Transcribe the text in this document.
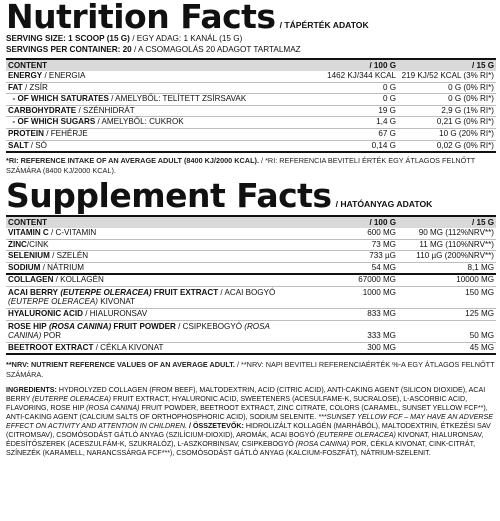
Nutrition Facts / TÁPÉRTÉK ADATOK
SERVING SIZE: 1 SCOOP (15 G) / EGY ADAG: 1 KANÁL (15 G)
SERVINGS PER CONTAINER: 20 / A CSOMAGOLÁS 20 ADAGOT TARTALMAZ
CONTENT	/ 100 G	/ 15 G
ENERGY / ENERGIA	1462 KJ/344 KCAL	219 KJ/52 KCAL (3% RI*)
FAT / ZSÍR	0 G	0 G (0% RI*)
- OF WHICH SATURATES / AMELYBŐL: TELÍTETT ZSÍRSAVAK	0 G	0 G (0% RI*)
CARBOHYDRATE / SZÉNHIDRÁT	19 G	2,9 G (1% RI*)
- OF WHICH SUGARS / AMELYBŐL: CUKROK	1,4 G	0,21 G (0% RI*)
PROTEIN / FEHÉRJE	67 G	10 G (20% RI*)
SALT / SÓ	0,14 G	0,02 G (0% RI*)
*RI: REFERENCE INTAKE OF AN AVERAGE ADULT (8400 KJ/2000 KCAL). / *RI: REFERENCIA BEVITELI ÉRTÉK EGY ÁTLAGOS FELNŐTT SZÁMÁRA (8400 KJ/2000 KCAL).
Supplement Facts / HATÓANYAG ADATOK
CONTENT	/ 100 G	/ 15 G
VITAMIN C / C-VITAMIN	600 MG	90 MG (112%NRV**)
ZINC/CINK	73 MG	11 MG (110%NRV**)
SELENIUM / SZELÉN	733 µG	110 µG (200%NRV**)
SODIUM / NÁTRIUM	54 MG	8,1 MG
COLLAGEN / KOLLAGÉN	67000 MG	10000 MG
ACAI BERRY (EUTERPE OLERACEA) FRUIT EXTRACT / ACAI BOGYÓ (EUTERPE OLERACEA) KIVONAT	1000 MG	150 MG
HYALURONIC ACID / HIALURONSAV	833 MG	125 MG
ROSE HIP (ROSA CANINA) FRUIT POWDER / CSIPKEBOGYÓ (ROSA CANINA) POR	333 MG	50 MG
BEETROOT EXTRACT / CÉKLA KIVONAT	300 MG	45 MG
**NRV: NUTRIENT REFERENCE VALUES OF AN AVERAGE ADULT. / **NRV: NAPI BEVITELI REFERENCIAÉRTÉK %-A EGY ÁTLAGOS FELNŐTT SZÁMÁRA.
INGREDIENTS: HYDROLYZED COLLAGEN (FROM BEEF), MALTODEXTRIN, ACID (CITRIC ACID), ANTI-CAKING AGENT (SILICON DIOXIDE), ACAI BERRY (EUTERPE OLERACEA) FRUIT EXTRACT, HYALURONIC ACID, SWEETENERS (ACESULFAME-K, SUCRALOSE), L-ASCORBIC ACID, FLAVORING, ROSE HIP (ROSA CANINA) FRUIT POWDER, BEETROOT EXTRACT, ZINC CITRATE, COLORS (CARAMEL, SUNSET YELLOW FCF**), ANTI-CAKING AGENT (CALCIUM SALTS OF ORTHOPHOSPHORIC ACID), SODIUM SELENITE. ***SUNSET YELLOW FCF – MAY HAVE AN ADVERSE EFFECT ON ACTIVITY AND ATTENTION IN CHILDREN. / ÖSSZETEVŐK: HIDROLIZÁLT KOLLAGÉN (MARHÁBÓL), MALTODEXTRIN, ÉTKEZÉSI SAV (CITROMSAV), CSOMÓSODÁST GÁTLÓ ANYAG (SZILÍCIUM-DIOXID), AROMÁK, ACAI BOGYÓ (EUTERPE OLERACEA) KIVONAT, HIALURONSAV, ÉDESÍTŐSZEREK (ACESZULFÁM-K, SZUKRALÓZ), L-ASZKORBINSAV, CSIPKEBOGYÓ (ROSA CANINA) POR, CÉKLA KIVONAT, CINK-CITRÁT, SZÍNEZÉK (KARAMELL, NARANCSSÁRGA FCF***), CSOMÓSODÁST GÁTLÓ ANYAG (KALCIUM-FOSZFÁT), NÁTRIUM-SZELENIT.
